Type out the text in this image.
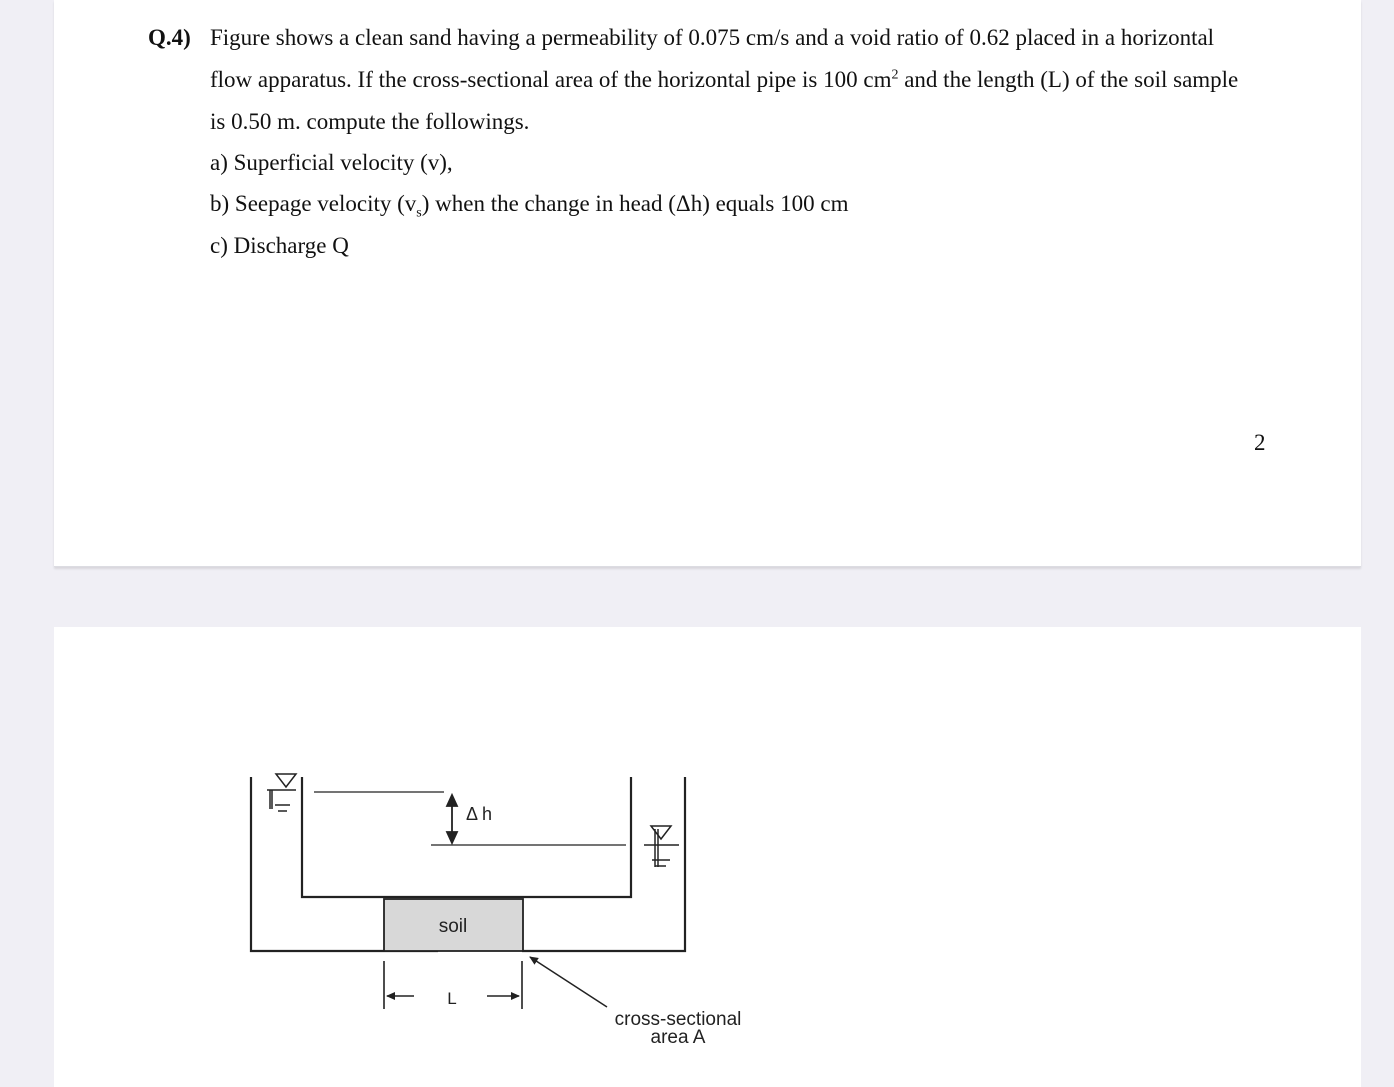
Q.4) Figure shows a clean sand having a permeability of 0.075 cm/s and a void ratio of 0.62 placed in a horizontal
flow apparatus. If the cross-sectional area of the horizontal pipe is 100 $cm^2$ and the length (L) of the soil sample
is 0.50 m. compute the followings.
a) Superficial velocity (v),
b) Seepage velocity $(v_s)$ when the change in head (Δh) equals 100 cm
c) Discharge Q
2
Δ h
soil
L
cross-sectional
area A
